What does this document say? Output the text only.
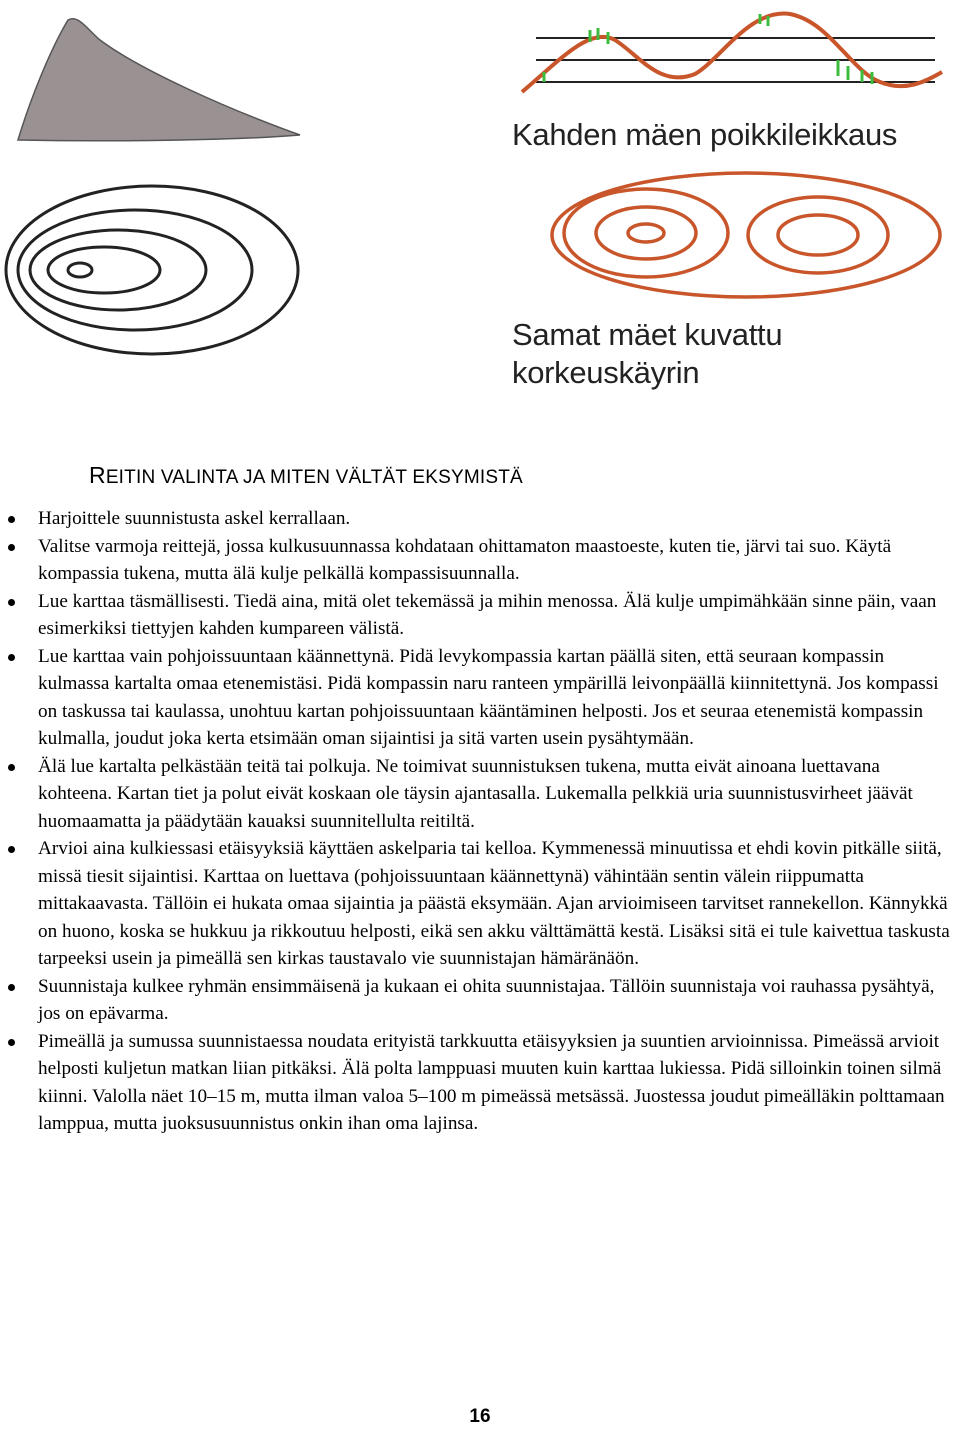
Kahden mäen poikkileikkaus
Samat mäet kuvattu
korkeuskäyrin
REITIN VALINTA JA MITEN VÄLTÄT EKSYMISTÄ
Harjoittele suunnistusta askel kerrallaan.
Valitse varmoja reittejä, jossa kulkusuunnassa kohdataan ohittamaton maastoeste, kuten tie, järvi tai suo. Käytä kompassia tukena, mutta älä kulje pelkällä kompassisuunnalla.
Lue karttaa täsmällisesti. Tiedä aina, mitä olet tekemässä ja mihin menossa. Älä kulje umpimähkään sinne päin, vaan esimerkiksi tiettyjen kahden kumpareen välistä.
Lue karttaa vain pohjoissuuntaan käännettynä. Pidä levykompassia kartan päällä siten, että seuraan kompassin kulmassa kartalta omaa etenemistäsi. Pidä kompassin naru ranteen ympärillä leivonpäällä kiinnitettynä. Jos kompassi on taskussa tai kaulassa, unohtuu kartan pohjoissuuntaan kääntäminen helposti. Jos et seuraa etenemistä kompassin kulmalla, joudut joka kerta etsimään oman sijaintisi ja sitä varten usein pysähtymään.
Älä lue kartalta pelkästään teitä tai polkuja. Ne toimivat suunnistuksen tukena, mutta eivät ainoana luettavana kohteena. Kartan tiet ja polut eivät koskaan ole täysin ajantasalla. Lukemalla pelkkiä uria suunnistusvirheet jäävät huomaamatta ja päädytään kauaksi suunnitellulta reitiltä.
Arvioi aina kulkiessasi etäisyyksiä käyttäen askelparia tai kelloa. Kymmenessä minuutissa et ehdi kovin pitkälle siitä, missä tiesit sijaintisi. Karttaa on luettava (pohjoissuuntaan käännettynä) vähintään sentin välein riippumatta mittakaavasta. Tällöin ei hukata omaa sijaintia ja päästä eksymään. Ajan arvioimiseen tarvitset rannekellon. Kännykkä on huono, koska se hukkuu ja rikkoutuu helposti, eikä sen akku välttämättä kestä. Lisäksi sitä ei tule kaivettua taskusta tarpeeksi usein ja pimeällä sen kirkas taustavalo vie suunnistajan hämäränäön.
Suunnistaja kulkee ryhmän ensimmäisenä ja kukaan ei ohita suunnistajaa. Tällöin suunnistaja voi rauhassa pysähtyä, jos on epävarma.
Pimeällä ja sumussa suunnistaessa noudata erityistä tarkkuutta etäisyyksien ja suuntien arvioinnissa. Pimeässä arvioit helposti kuljetun matkan liian pitkäksi. Älä polta lamppuasi muuten kuin karttaa lukiessa. Pidä silloinkin toinen silmä kiinni. Valolla näet 10–15 m, mutta ilman valoa 5–100 m pimeässä metsässä. Juostessa joudut pimeälläkin polttamaan lamppua, mutta juoksusuunnistus onkin ihan oma lajinsa.
16
